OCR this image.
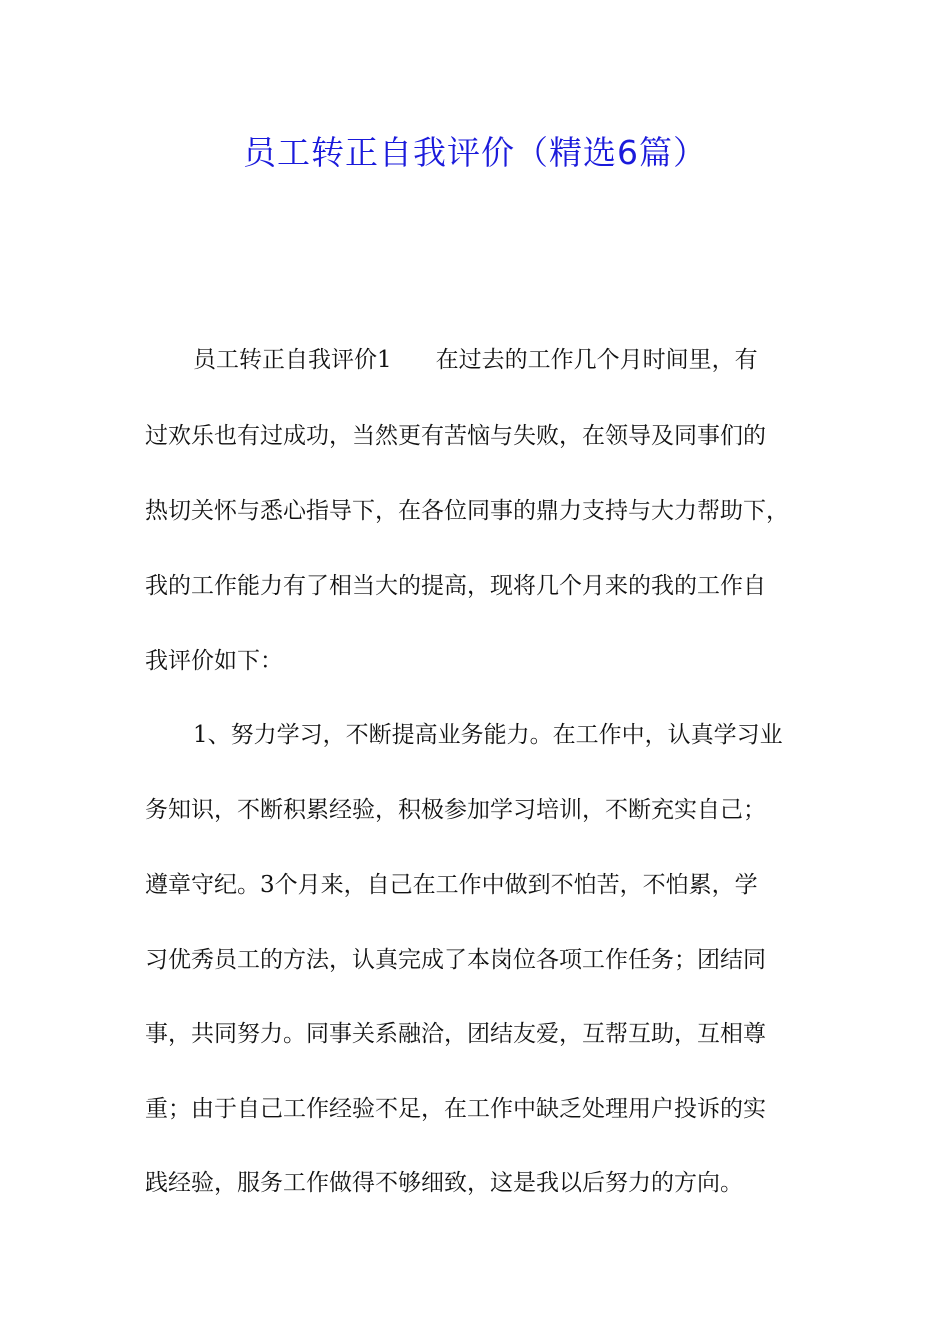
员工转正自我评价（精选6篇）

员工转正自我评价1 在过去的工作几个月时间里，有

过欢乐也有过成功，当然更有苦恼与失败，在领导及同事们的

热切关怀与悉心指导下，在各位同事的鼎力支持与大力帮助下，

我的工作能力有了相当大的提高，现将几个月来的我的工作自

我评价如下：

1、努力学习，不断提高业务能力。在工作中，认真学习业

务知识，不断积累经验，积极参加学习培训，不断充实自己；

遵章守纪。3个月来，自己在工作中做到不怕苦，不怕累，学

习优秀员工的方法，认真完成了本岗位各项工作任务；团结同

事，共同努力。同事关系融洽，团结友爱，互帮互助，互相尊

重；由于自己工作经验不足，在工作中缺乏处理用户投诉的实

践经验，服务工作做得不够细致，这是我以后努力的方向。
